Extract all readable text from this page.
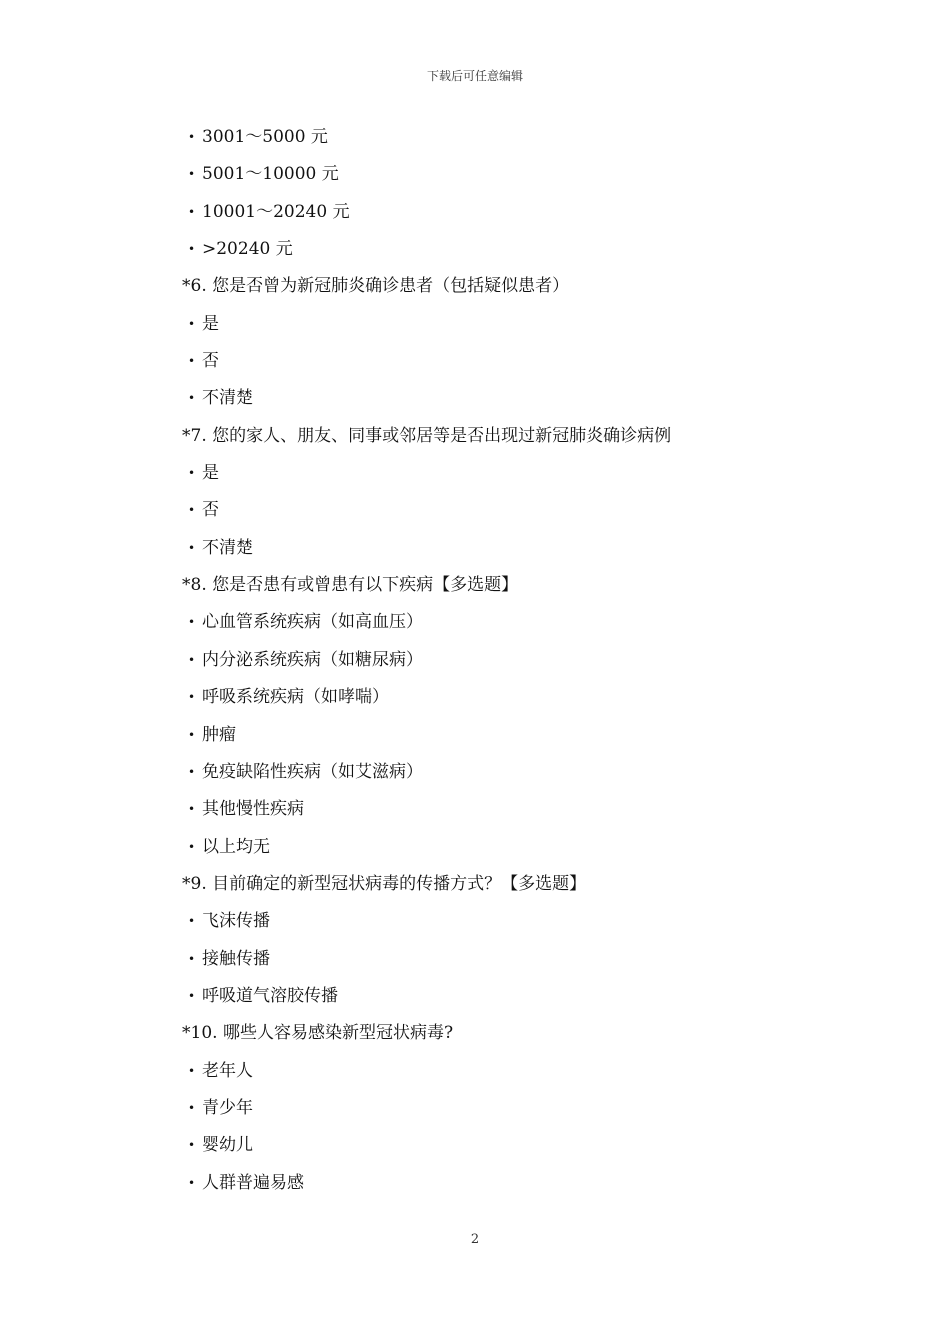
下载后可任意编辑
• 3001～5000 元
• 5001～10000 元
• 10001～20240 元
• >20240 元
*6. 您是否曾为新冠肺炎确诊患者（包括疑似患者）
• 是
• 否
• 不清楚
*7. 您的家人、朋友、同事或邻居等是否出现过新冠肺炎确诊病例
• 是
• 否
• 不清楚
*8. 您是否患有或曾患有以下疾病【多选题】
• 心血管系统疾病（如高血压）
• 内分泌系统疾病（如糖尿病）
• 呼吸系统疾病（如哮喘）
• 肿瘤
• 免疫缺陷性疾病（如艾滋病）
• 其他慢性疾病
• 以上均无
*9. 目前确定的新型冠状病毒的传播方式？【多选题】
• 飞沫传播
• 接触传播
• 呼吸道气溶胶传播
*10. 哪些人容易感染新型冠状病毒?
• 老年人
• 青少年
• 婴幼儿
• 人群普遍易感
2
